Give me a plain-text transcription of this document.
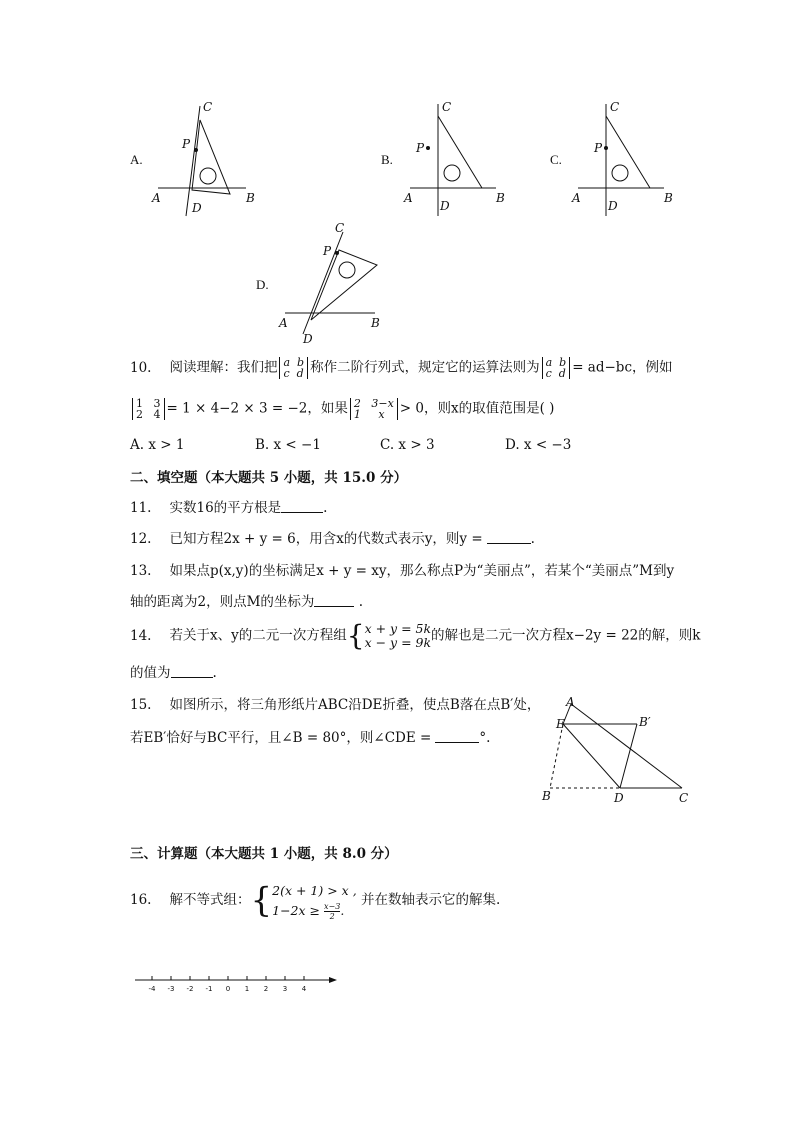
A.
C
P
A	B
D
B.
C
P
A	B
D
C.
C
P
A	B
D
D.
C
P
A	B
D
10. 阅读理解：我们把 a b
c d 称作二阶行列式，规定它的运算法则为 a b
c d = ad−bc，例如
1 3
2 4 = 1 × 4−2 × 3 = −2，如果 2 3−x
1 x	> 0，则x的取值范围是( )
A. x > 1	B. x < −1	C. x > 3	D. x < −3
二、填空题（本大题共 5 小题，共 15.0 分）
11. 实数16的平方根是	.
12. 已知方程2x + y = 6，用含x的代数式表示y，则y =	.
13. 如果点p(x,y)的坐标满足x + y = xy，那么称点P为“美丽点”，若某个“美丽点”M到y
轴的距离为2，则点M的坐标为	.
14. 若关于x、y的二元一次方程组{ x + y = 5k
x − y = 9k 的解也是二元一次方程x−2y = 22的解，则k
的值为	.
15. 如图所示，将三角形纸片ABC沿DE折叠，使点B落在点B′处，
若EB′恰好与BC平行，且∠B = 80°，则∠CDE =	°.
A
E	B′
B	D	C
三、计算题（本大题共 1 小题，共 8.0 分）
16. 解不等式组：{ 2(x + 1) > x ,
$1-2x \ge \frac{x-3}{2}$ .
并在数轴表示它的解集.
-4 -3 -2 -1 0 1 2 3 4
